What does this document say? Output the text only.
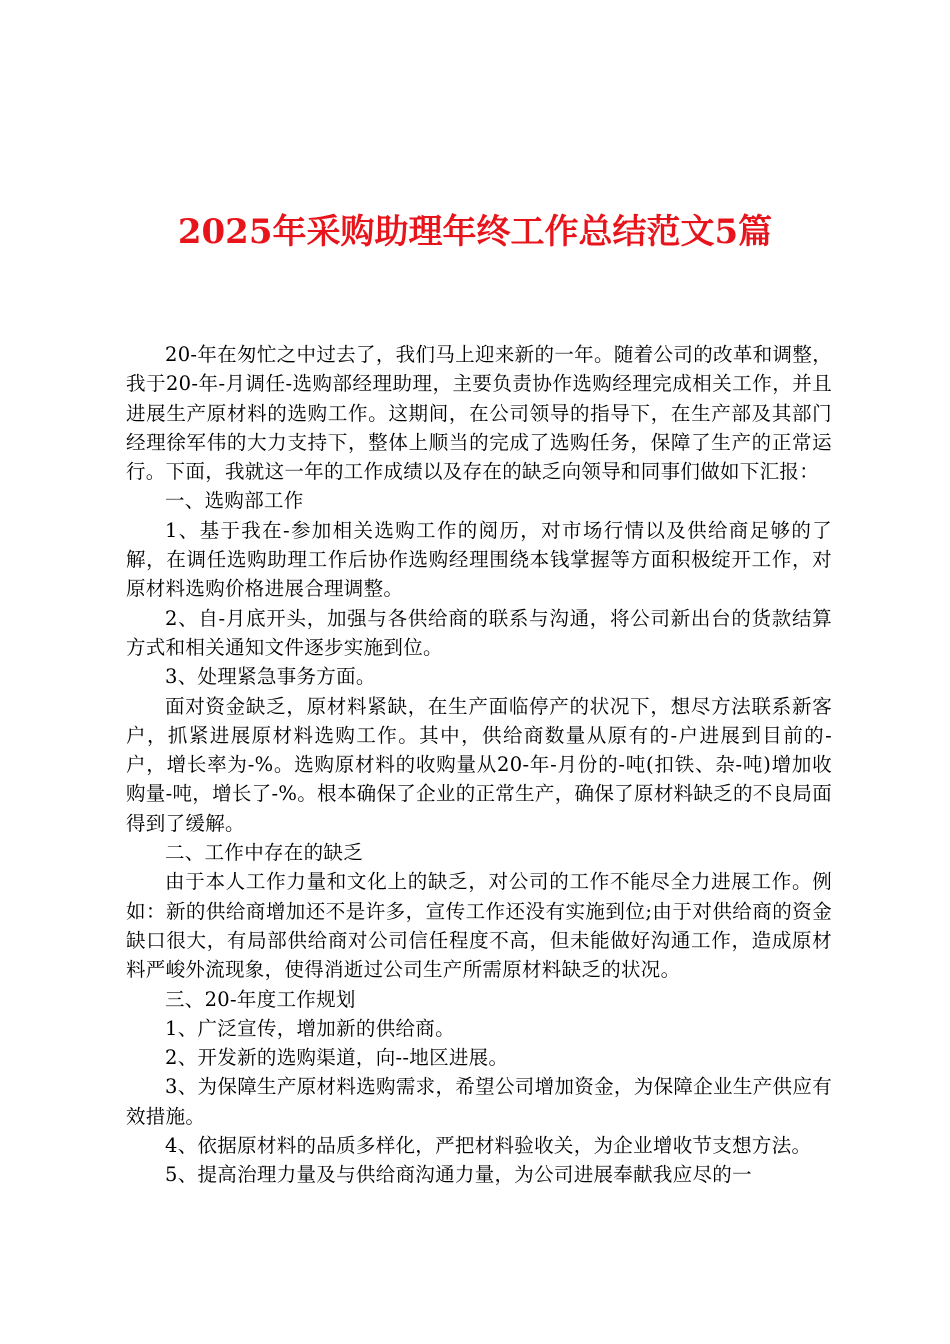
2025年采购助理年终工作总结范文5篇

20-年在匆忙之中过去了，我们马上迎来新的一年。随着公司的改革和调整，我于20-年-月调任-选购部经理助理，主要负责协作选购经理完成相关工作，并且进展生产原材料的选购工作。这期间，在公司领导的指导下，在生产部及其部门经理徐军伟的大力支持下，整体上顺当的完成了选购任务，保障了生产的正常运行。下面，我就这一年的工作成绩以及存在的缺乏向领导和同事们做如下汇报：

一、选购部工作

1、基于我在-参加相关选购工作的阅历，对市场行情以及供给商足够的了解，在调任选购助理工作后协作选购经理围绕本钱掌握等方面积极绽开工作，对原材料选购价格进展合理调整。

2、自-月底开头，加强与各供给商的联系与沟通，将公司新出台的货款结算方式和相关通知文件逐步实施到位。

3、处理紧急事务方面。

面对资金缺乏，原材料紧缺，在生产面临停产的状况下，想尽方法联系新客户，抓紧进展原材料选购工作。其中，供给商数量从原有的-户进展到目前的-户，增长率为-%。选购原材料的收购量从20-年-月份的-吨(扣铁、杂-吨)增加收购量-吨，增长了-%。根本确保了企业的正常生产，确保了原材料缺乏的不良局面得到了缓解。

二、工作中存在的缺乏

由于本人工作力量和文化上的缺乏，对公司的工作不能尽全力进展工作。例如：新的供给商增加还不是许多，宣传工作还没有实施到位;由于对供给商的资金缺口很大，有局部供给商对公司信任程度不高，但未能做好沟通工作，造成原材料严峻外流现象，使得消逝过公司生产所需原材料缺乏的状况。

三、20-年度工作规划

1、广泛宣传，增加新的供给商。

2、开发新的选购渠道，向--地区进展。

3、为保障生产原材料选购需求，希望公司增加资金，为保障企业生产供应有效措施。

4、依据原材料的品质多样化，严把材料验收关，为企业增收节支想方法。

5、提高治理力量及与供给商沟通力量，为公司进展奉献我应尽的一
